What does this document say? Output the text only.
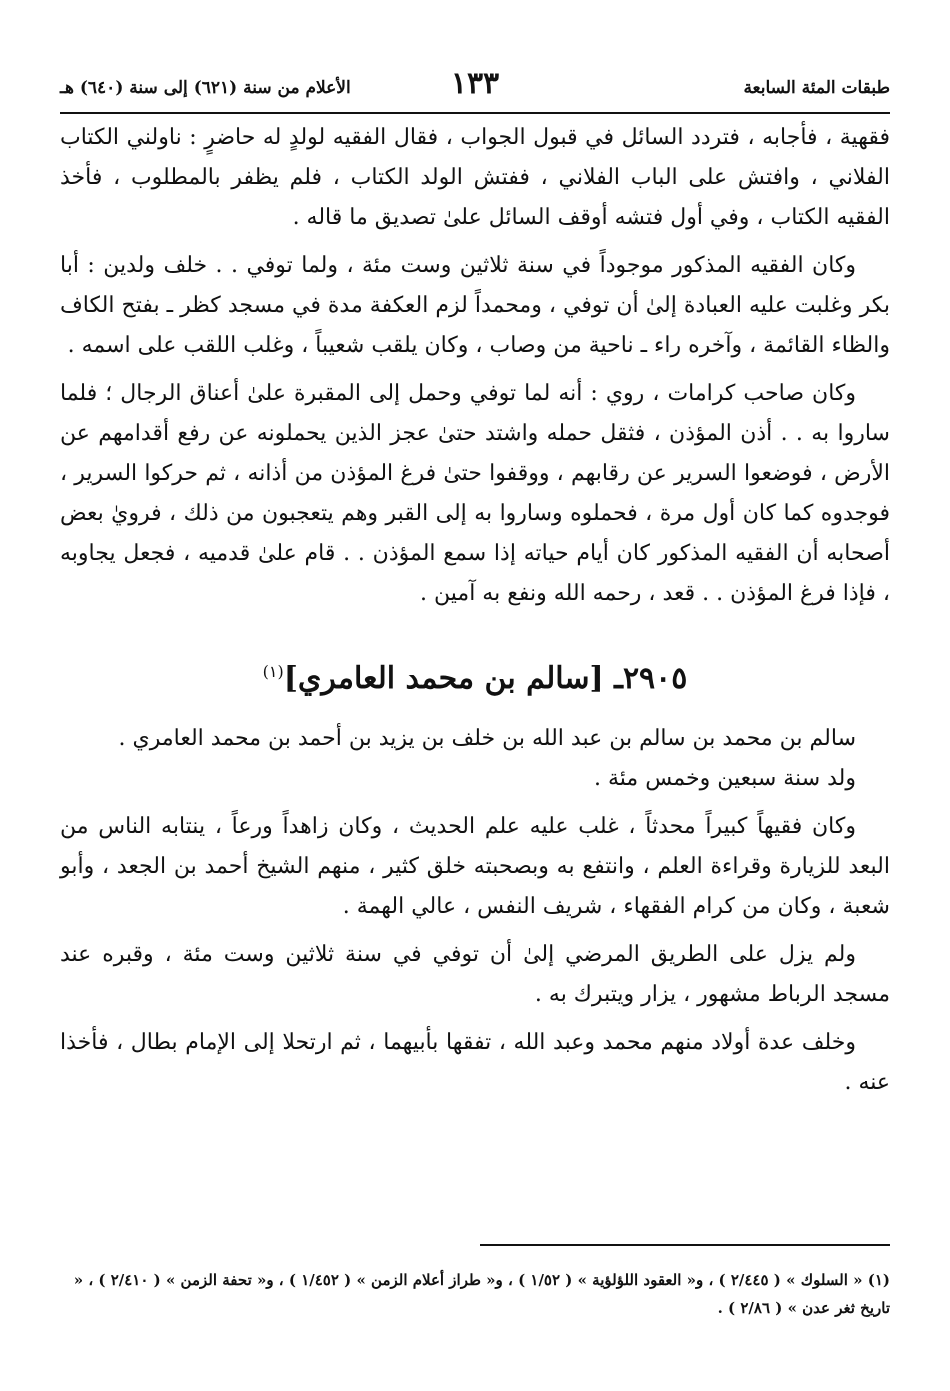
طبقات المئة السابعة
١٣٣
الأعلام من سنة (٦٢١) إلى سنة (٦٤٠) هـ

فقهية ، فأجابه ، فتردد السائل في قبول الجواب ، فقال الفقيه لولدٍ له حاضرٍ : ناولني الكتاب الفلاني ، وافتش على الباب الفلاني ، ففتش الولد الكتاب ، فلم يظفر بالمطلوب ، فأخذ الفقيه الكتاب ، وفي أول فتشه أوقف السائل علىٰ تصديق ما قاله .

وكان الفقيه المذكور موجوداً في سنة ثلاثين وست مئة ، ولما توفي . . خلف ولدين : أبا بكر وغلبت عليه العبادة إلىٰ أن توفي ، ومحمداً لزم العكفة مدة في مسجد كظر ـ بفتح الكاف والظاء القائمة ، وآخره راء ـ ناحية من وصاب ، وكان يلقب شعيباً ، وغلب اللقب على اسمه .

وكان صاحب كرامات ، روي : أنه لما توفي وحمل إلى المقبرة علىٰ أعناق الرجال ؛ فلما ساروا به . . أذن المؤذن ، فثقل حمله واشتد حتىٰ عجز الذين يحملونه عن رفع أقدامهم عن الأرض ، فوضعوا السرير عن رقابهم ، ووقفوا حتىٰ فرغ المؤذن من أذانه ، ثم حركوا السرير ، فوجدوه كما كان أول مرة ، فحملوه وساروا به إلى القبر وهم يتعجبون من ذلك ، فرويٰ بعض أصحابه أن الفقيه المذكور كان أيام حياته إذا سمع المؤذن . . قام علىٰ قدميه ، فجعل يجاوبه ، فإذا فرغ المؤذن . . قعد ، رحمه الله ونفع به آمين .

٢٩٠٥ـ [سالم بن محمد العامري]$^{(١)}$

سالم بن محمد بن سالم بن عبد الله بن خلف بن يزيد بن أحمد بن محمد العامري .

ولد سنة سبعين وخمس مئة .

وكان فقيهاً كبيراً محدثاً ، غلب عليه علم الحديث ، وكان زاهداً ورعاً ، ينتابه الناس من البعد للزيارة وقراءة العلم ، وانتفع به وبصحبته خلق كثير ، منهم الشيخ أحمد بن الجعد ، وأبو شعبة ، وكان من كرام الفقهاء ، شريف النفس ، عالي الهمة .

ولم يزل على الطريق المرضي إلىٰ أن توفي في سنة ثلاثين وست مئة ، وقبره عند مسجد الرباط مشهور ، يزار ويتبرك به .

وخلف عدة أولاد منهم محمد وعبد الله ، تفقها بأبيهما ، ثم ارتحلا إلى الإمام بطال ، فأخذا عنه .

(١) « السلوك » ( ٢/٤٤٥ ) ، و« العقود اللؤلؤية » ( ١/٥٢ ) ، و« طراز أعلام الزمن » ( ١/٤٥٢ ) ، و« تحفة الزمن » ( ٢/٤١٠ ) ، « تاريخ ثغر عدن » ( ٢/٨٦ ) .
